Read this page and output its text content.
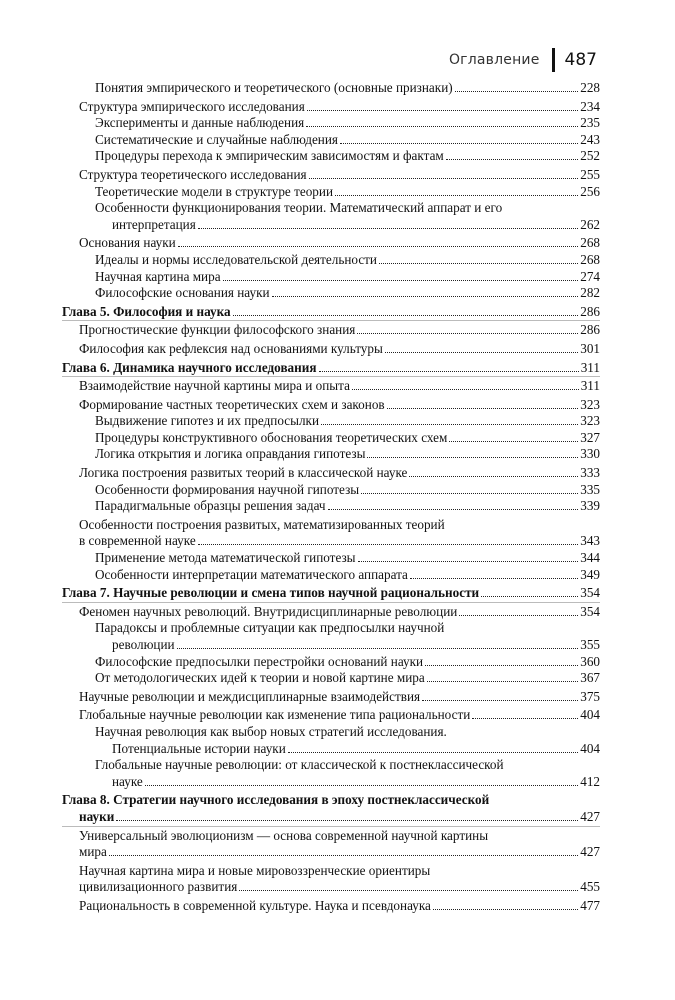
Оглавление 487
Понятия эмпирического и теоретического (основные признаки)	228
Структура эмпирического исследования	234
Эксперименты и данные наблюдения	235
Систематические и случайные наблюдения	243
Процедуры перехода к эмпирическим зависимостям и фактам	252
Структура теоретического исследования	255
Теоретические модели в структуре теории	256
Особенности функционирования теории. Математический аппарат и его
интерпретация	262
Основания науки	268
Идеалы и нормы исследовательской деятельности	268
Научная картина мира	274
Философские основания науки	282
Глава 5. Философия и наука	286
Прогностические функции философского знания	286
Философия как рефлексия над основаниями культуры	301
Глава 6. Динамика научного исследования	311
Взаимодействие научной картины мира и опыта	311
Формирование частных теоретических схем и законов	323
Выдвижение гипотез и их предпосылки	323
Процедуры конструктивного обоснования теоретических схем	327
Логика открытия и логика оправдания гипотезы	330
Логика построения развитых теорий в классической науке	333
Особенности формирования научной гипотезы	335
Парадигмальные образцы решения задач	339
Особенности построения развитых, математизированных теорий
в современной науке	343
Применение метода математической гипотезы	344
Особенности интерпретации математического аппарата	349
Глава 7. Научные революции и смена типов научной рациональности	354
Феномен научных революций. Внутридисциплинарные революции	354
Парадоксы и проблемные ситуации как предпосылки научной
революции	355
Философские предпосылки перестройки оснований науки	360
От методологических идей к теории и новой картине мира	367
Научные революции и междисциплинарные взаимодействия	375
Глобальные научные революции как изменение типа рациональности	404
Научная революция как выбор новых стратегий исследования.
Потенциальные истории науки	404
Глобальные научные революции: от классической к постнеклассической
науке	412
Глава 8. Стратегии научного исследования в эпоху постнеклассической
науки	427
Универсальный эволюционизм — основа современной научной картины
мира	427
Научная картина мира и новые мировоззренческие ориентиры
цивилизационного развития	455
Рациональность в современной культуре. Наука и псевдонаука	477
